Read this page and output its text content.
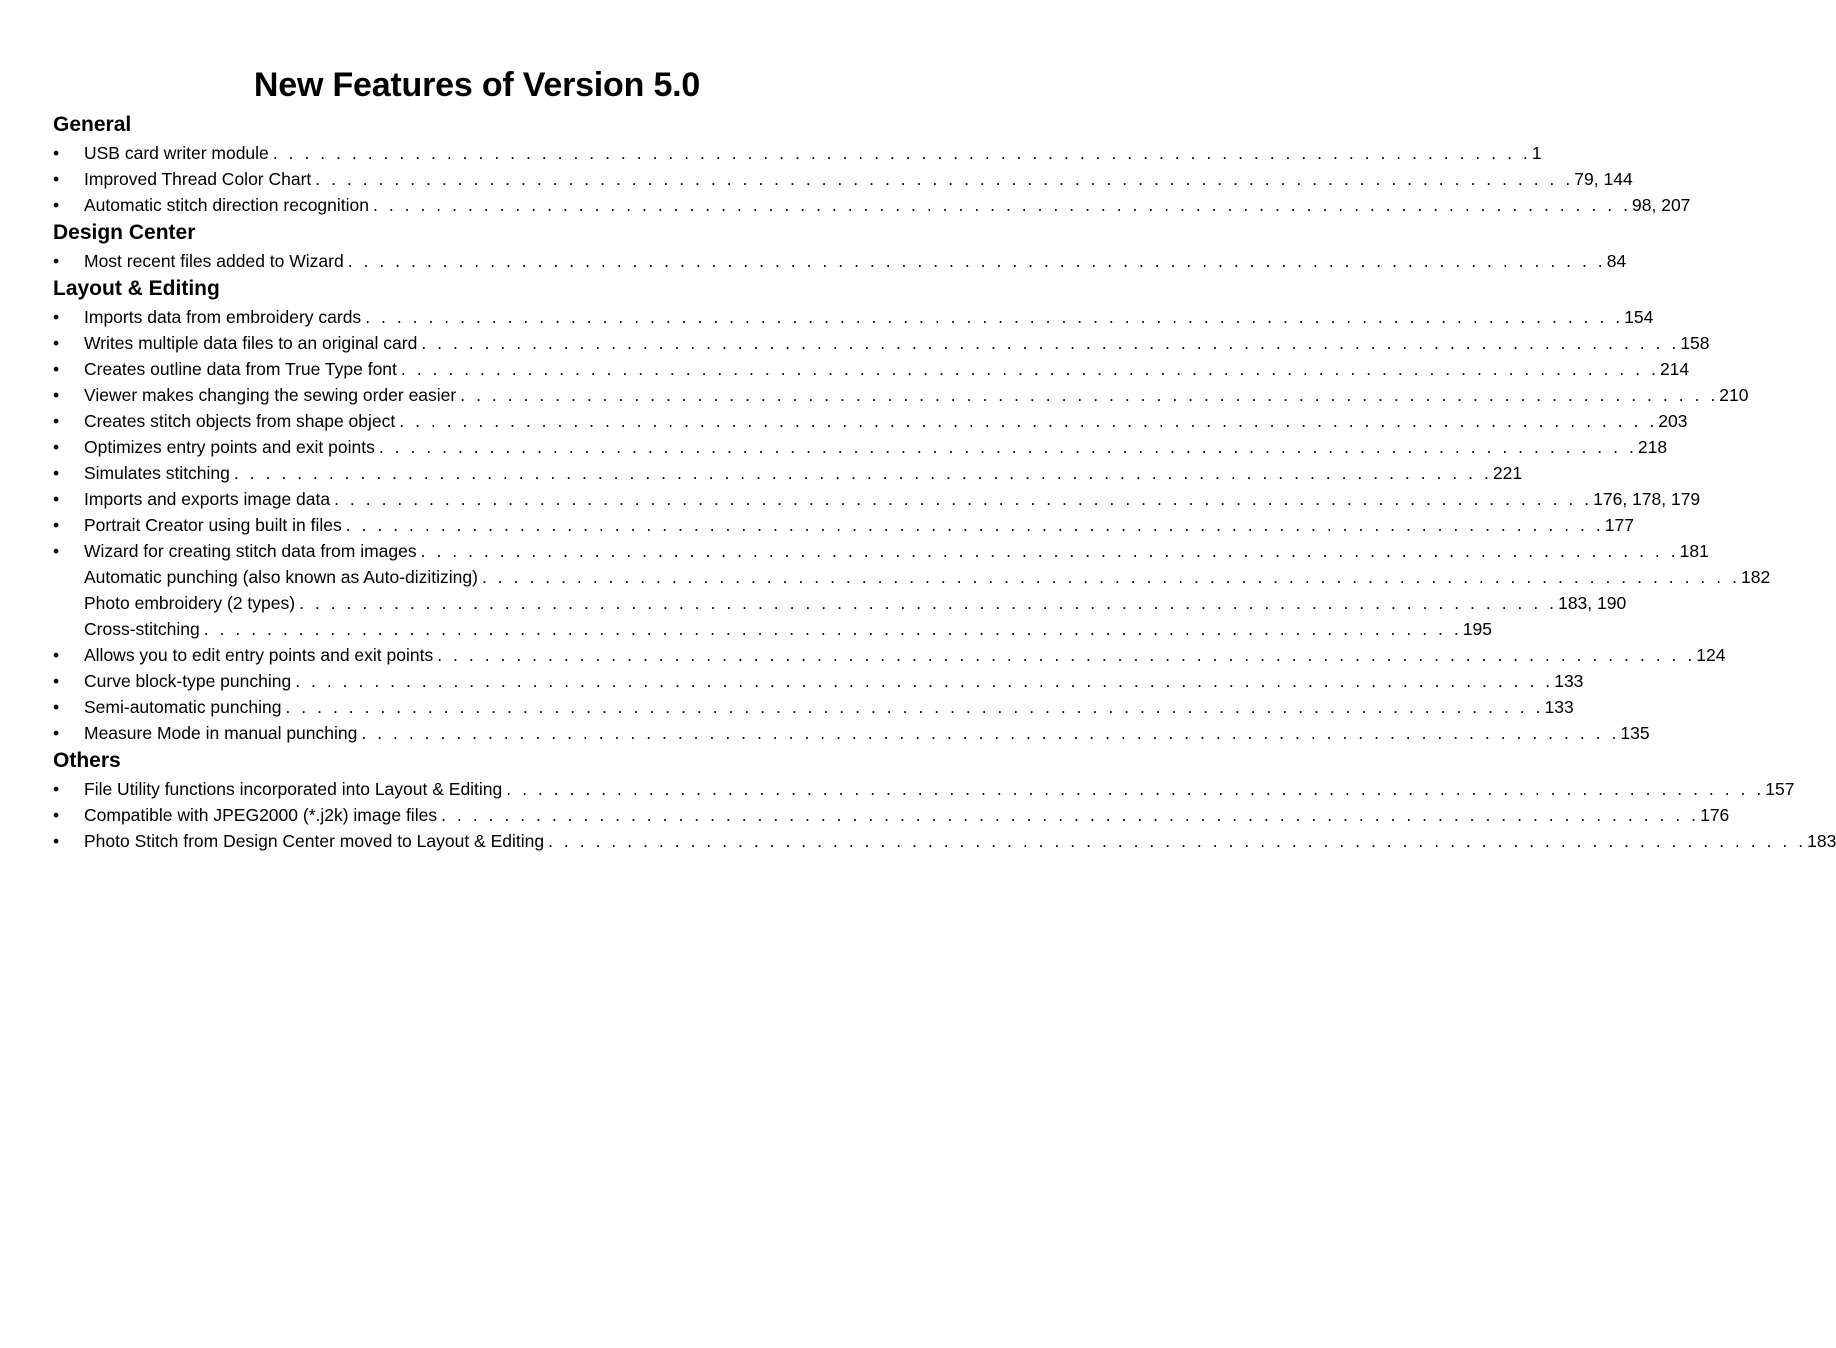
New Features of Version 5.0
General
•	USB card writer module . . . . . . . . . . . . . . . . . . . . . . . . . . . . . . . . . . . . . . . . . . . . . . . . . . . . . . . . . . . . . . . . . . . . . . . . . . . . . . . . 1
•	Improved Thread Color Chart . . . . . . . . . . . . . . . . . . . . . . . . . . . . . . . . . . . . . . . . . . . . . . . . . . . . . . . . . . . . . . . . . . . . . . . . . . . . . . . . 79, 144
•	Automatic stitch direction recognition . . . . . . . . . . . . . . . . . . . . . . . . . . . . . . . . . . . . . . . . . . . . . . . . . . . . . . . . . . . . . . . . . . . . . . . . . . . . . . . . 98, 207
Design Center
•	Most recent files added to Wizard . . . . . . . . . . . . . . . . . . . . . . . . . . . . . . . . . . . . . . . . . . . . . . . . . . . . . . . . . . . . . . . . . . . . . . . . . . . . . . . . 84
Layout & Editing
•	Imports data from embroidery cards . . . . . . . . . . . . . . . . . . . . . . . . . . . . . . . . . . . . . . . . . . . . . . . . . . . . . . . . . . . . . . . . . . . . . . . . . . . . . . . . 154
•	Writes multiple data files to an original card . . . . . . . . . . . . . . . . . . . . . . . . . . . . . . . . . . . . . . . . . . . . . . . . . . . . . . . . . . . . . . . . . . . . . . . . . . . . . . . . 158
•	Creates outline data from True Type font . . . . . . . . . . . . . . . . . . . . . . . . . . . . . . . . . . . . . . . . . . . . . . . . . . . . . . . . . . . . . . . . . . . . . . . . . . . . . . . . 214
•	Viewer makes changing the sewing order easier . . . . . . . . . . . . . . . . . . . . . . . . . . . . . . . . . . . . . . . . . . . . . . . . . . . . . . . . . . . . . . . . . . . . . . . . . . . . . . . . 210
•	Creates stitch objects from shape object . . . . . . . . . . . . . . . . . . . . . . . . . . . . . . . . . . . . . . . . . . . . . . . . . . . . . . . . . . . . . . . . . . . . . . . . . . . . . . . . 203
•	Optimizes entry points and exit points . . . . . . . . . . . . . . . . . . . . . . . . . . . . . . . . . . . . . . . . . . . . . . . . . . . . . . . . . . . . . . . . . . . . . . . . . . . . . . . . 218
•	Simulates stitching . . . . . . . . . . . . . . . . . . . . . . . . . . . . . . . . . . . . . . . . . . . . . . . . . . . . . . . . . . . . . . . . . . . . . . . . . . . . . . . . 221
•	Imports and exports image data . . . . . . . . . . . . . . . . . . . . . . . . . . . . . . . . . . . . . . . . . . . . . . . . . . . . . . . . . . . . . . . . . . . . . . . . . . . . . . . . 176, 178, 179
•	Portrait Creator using built in files . . . . . . . . . . . . . . . . . . . . . . . . . . . . . . . . . . . . . . . . . . . . . . . . . . . . . . . . . . . . . . . . . . . . . . . . . . . . . . . . 177
•	Wizard for creating stitch data from images . . . . . . . . . . . . . . . . . . . . . . . . . . . . . . . . . . . . . . . . . . . . . . . . . . . . . . . . . . . . . . . . . . . . . . . . . . . . . . . . 181
Automatic punching (also known as Auto-dizitizing) . . . . . . . . . . . . . . . . . . . . . . . . . . . . . . . . . . . . . . . . . . . . . . . . . . . . . . . . . . . . . . . . . . . . . . . . . . . . . . . . 182
Photo embroidery (2 types) . . . . . . . . . . . . . . . . . . . . . . . . . . . . . . . . . . . . . . . . . . . . . . . . . . . . . . . . . . . . . . . . . . . . . . . . . . . . . . . . 183, 190
Cross-stitching . . . . . . . . . . . . . . . . . . . . . . . . . . . . . . . . . . . . . . . . . . . . . . . . . . . . . . . . . . . . . . . . . . . . . . . . . . . . . . . . 195
•	Allows you to edit entry points and exit points . . . . . . . . . . . . . . . . . . . . . . . . . . . . . . . . . . . . . . . . . . . . . . . . . . . . . . . . . . . . . . . . . . . . . . . . . . . . . . . . 124
•	Curve block-type punching . . . . . . . . . . . . . . . . . . . . . . . . . . . . . . . . . . . . . . . . . . . . . . . . . . . . . . . . . . . . . . . . . . . . . . . . . . . . . . . . 133
•	Semi-automatic punching . . . . . . . . . . . . . . . . . . . . . . . . . . . . . . . . . . . . . . . . . . . . . . . . . . . . . . . . . . . . . . . . . . . . . . . . . . . . . . . . 133
•	Measure Mode in manual punching . . . . . . . . . . . . . . . . . . . . . . . . . . . . . . . . . . . . . . . . . . . . . . . . . . . . . . . . . . . . . . . . . . . . . . . . . . . . . . . . 135
Others
•	File Utility functions incorporated into Layout & Editing . . . . . . . . . . . . . . . . . . . . . . . . . . . . . . . . . . . . . . . . . . . . . . . . . . . . . . . . . . . . . . . . . . . . . . . . . . . . . . . . 157
•	Compatible with JPEG2000 (*.j2k) image files . . . . . . . . . . . . . . . . . . . . . . . . . . . . . . . . . . . . . . . . . . . . . . . . . . . . . . . . . . . . . . . . . . . . . . . . . . . . . . . . 176
•	Photo Stitch from Design Center moved to Layout & Editing . . . . . . . . . . . . . . . . . . . . . . . . . . . . . . . . . . . . . . . . . . . . . . . . . . . . . . . . . . . . . . . . . . . . . . . . . . . . . . . . 183
